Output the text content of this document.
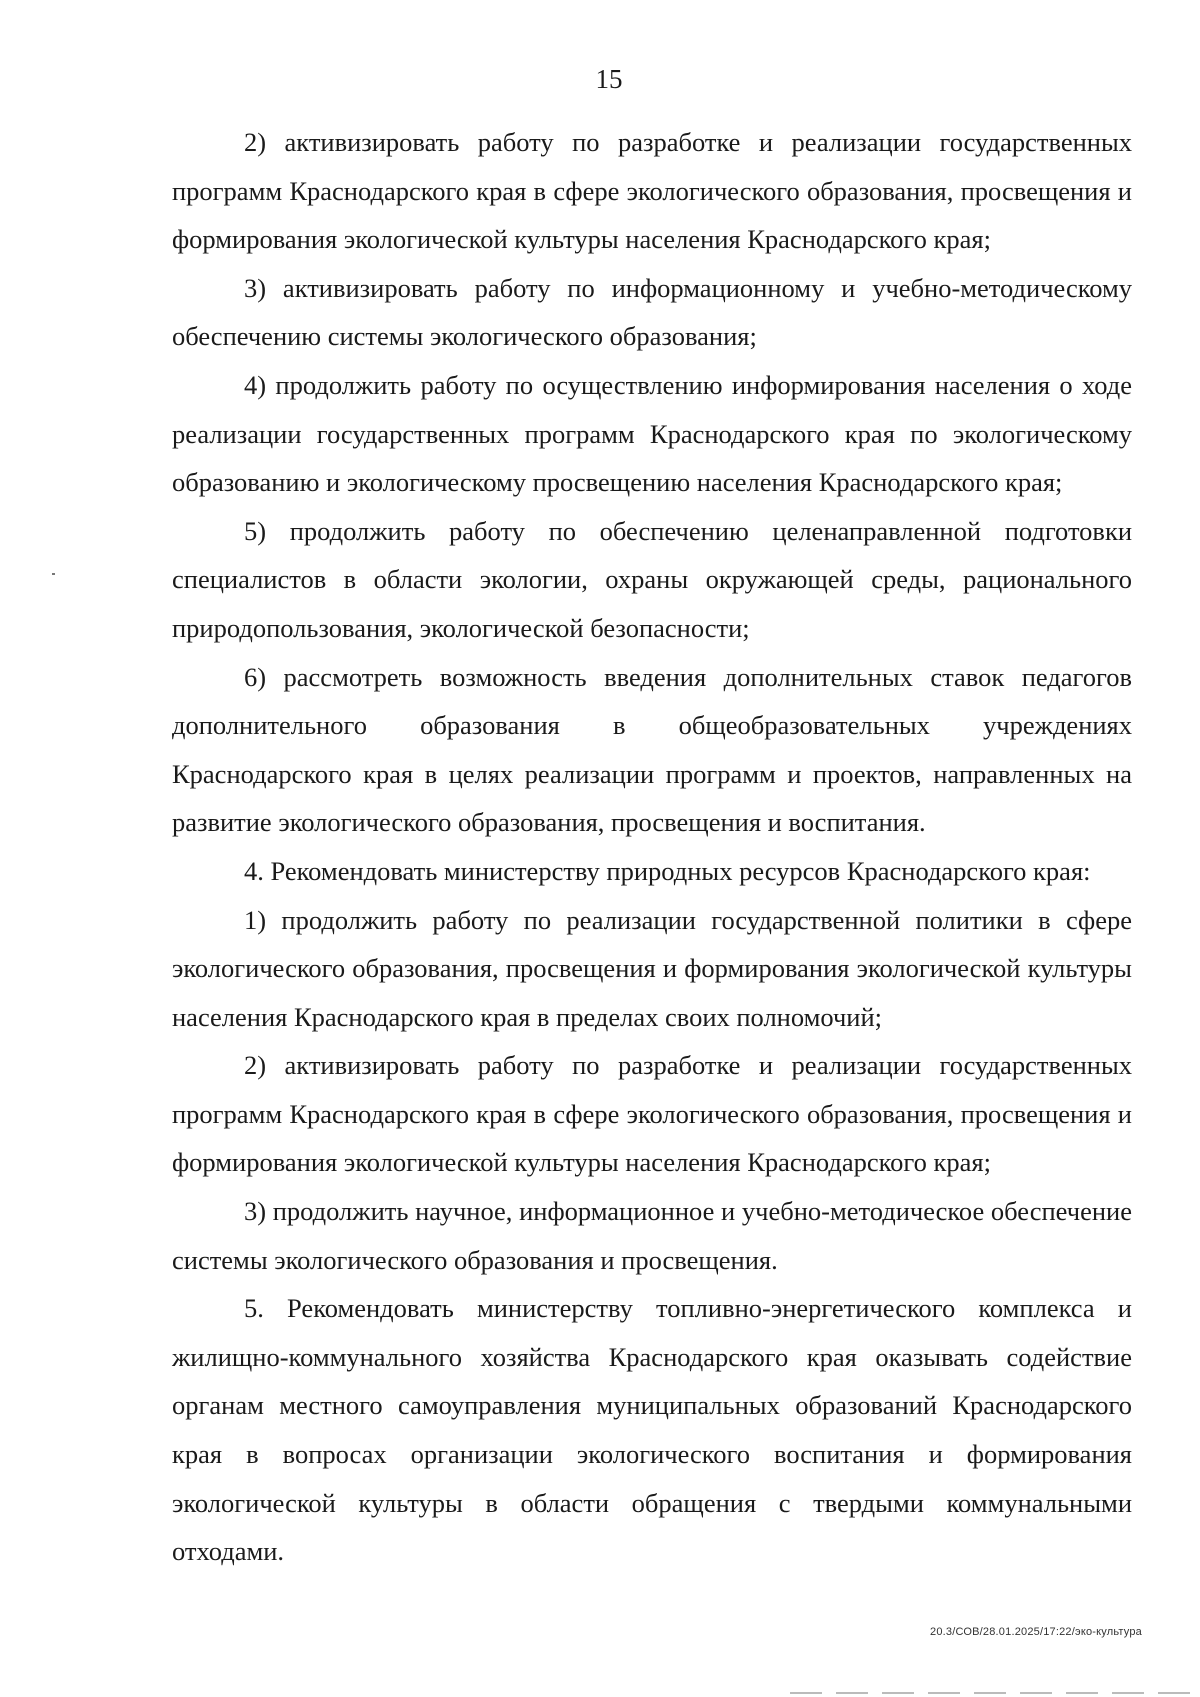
15

2) активизировать работу по разработке и реализации государственных программ Краснодарского края в сфере экологического образования, просвещения и формирования экологической культуры населения Краснодарского края;

3) активизировать работу по информационному и учебно-методическому обеспечению системы экологического образования;

4) продолжить работу по осуществлению информирования населения о ходе реализации государственных программ Краснодарского края по экологическому образованию и экологическому просвещению населения Краснодарского края;

5) продолжить работу по обеспечению целенаправленной подготовки специалистов в области экологии, охраны окружающей среды, рационального природопользования, экологической безопасности;

6) рассмотреть возможность введения дополнительных ставок педагогов дополнительного образования в общеобразовательных учреждениях Краснодарского края в целях реализации программ и проектов, направленных на развитие экологического образования, просвещения и воспитания.

4. Рекомендовать министерству природных ресурсов Краснодарского края:

1) продолжить работу по реализации государственной политики в сфере экологического образования, просвещения и формирования экологической культуры населения Краснодарского края в пределах своих полномочий;

2) активизировать работу по разработке и реализации государственных программ Краснодарского края в сфере экологического образования, просвещения и формирования экологической культуры населения Краснодарского края;

3) продолжить научное, информационное и учебно-методическое обеспечение системы экологического образования и просвещения.

5. Рекомендовать министерству топливно-энергетического комплекса и жилищно-коммунального хозяйства Краснодарского края оказывать содействие органам местного самоуправления муниципальных образований Краснодарского края в вопросах организации экологического воспитания и формирования экологической культуры в области обращения с твердыми коммунальными отходами.

20.3/СОВ/28.01.2025/17:22/эко-культура
